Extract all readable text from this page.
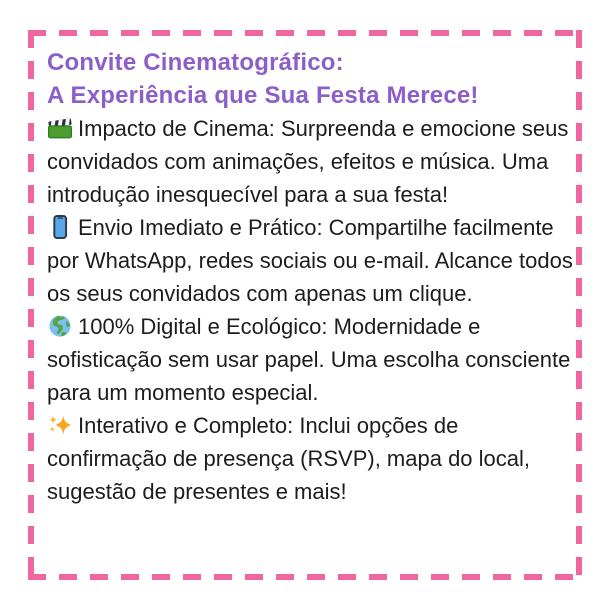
Convite Cinematográfico:
A Experiência que Sua Festa Merece!
Impacto de Cinema: Surpreenda e emocione seus convidados com animações, efeitos e música. Uma introdução inesquecível para a sua festa!
Envio Imediato e Prático: Compartilhe facilmente por WhatsApp, redes sociais ou e-mail. Alcance todos os seus convidados com apenas um clique.
100% Digital e Ecológico: Modernidade e sofisticação sem usar papel. Uma escolha consciente para um momento especial.
Interativo e Completo: Inclui opções de confirmação de presença (RSVP), mapa do local, sugestão de presentes e mais!
